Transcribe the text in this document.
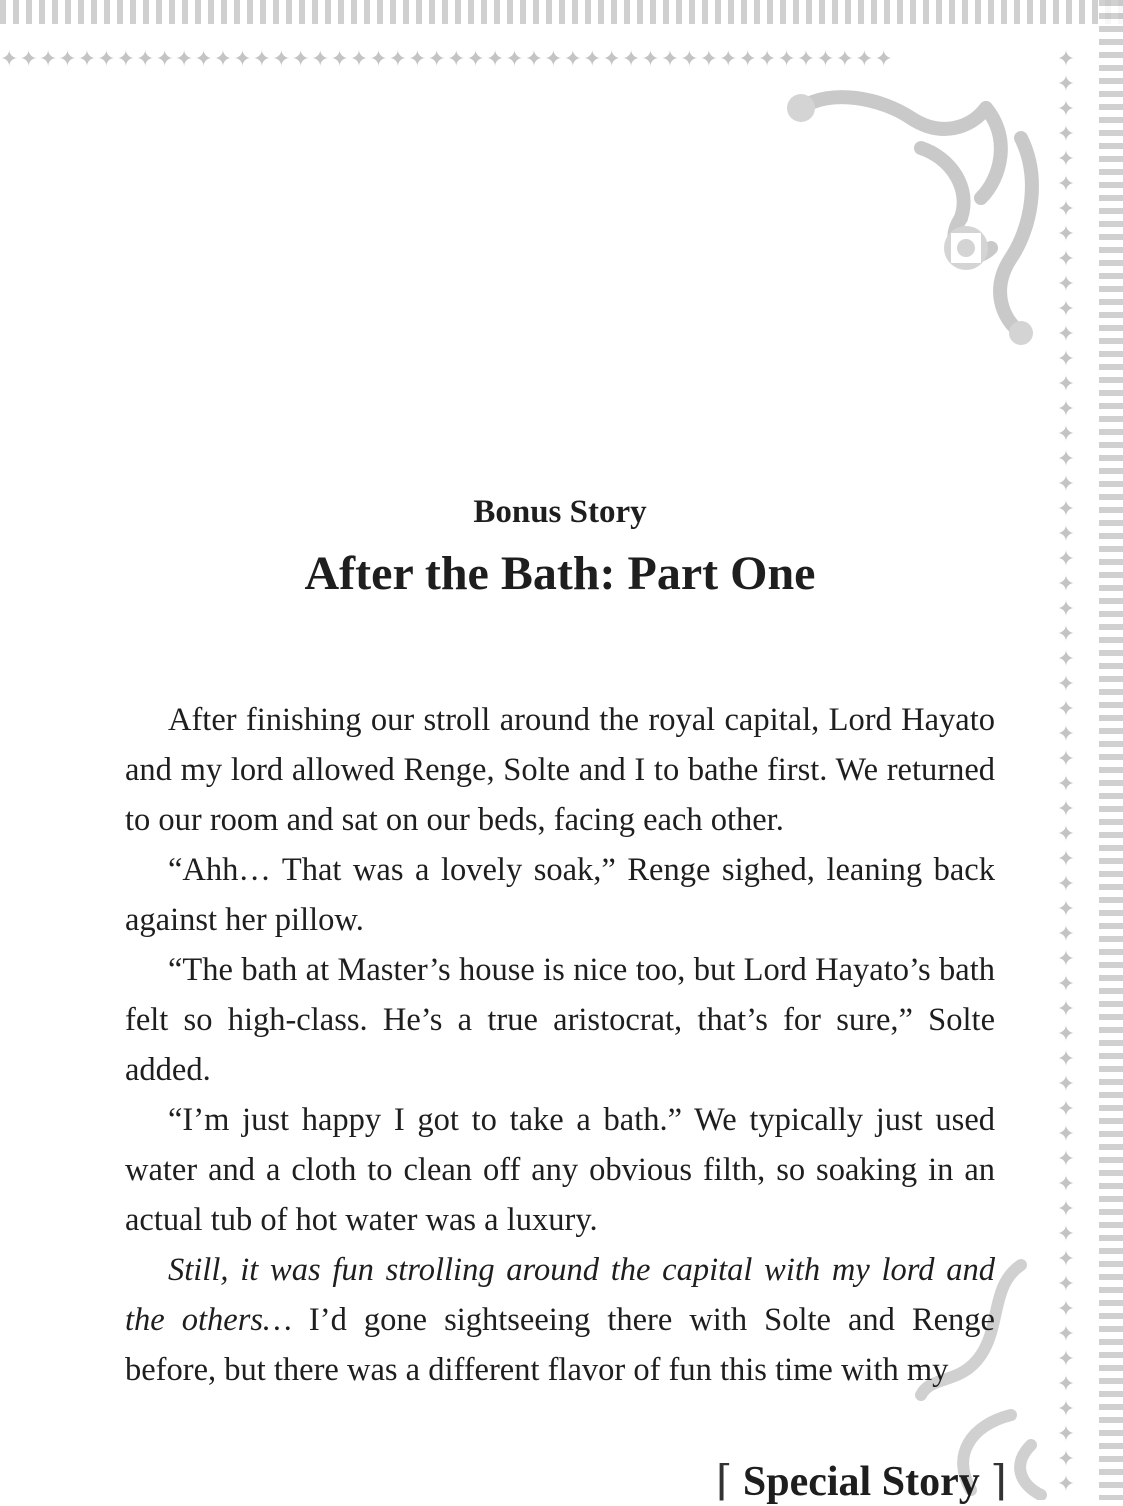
✦✦✦✦✦✦✦✦✦✦✦✦✦✦✦✦✦✦✦✦✦✦✦✦✦✦✦✦✦✦✦✦✦✦✦✦✦✦✦✦✦✦✦✦✦✦	✦
✦
✦
✦
✦
✦
✦
✦
✦
✦
✦
✦
✦
✦
✦
✦
✦
✦
✦
✦
✦
✦
✦
✦
✦
✦
✦
✦
✦
✦
✦
✦
✦
✦
✦
✦
✦
✦
✦
✦
✦
✦
✦
✦
✦
✦
✦
✦
✦
✦
✦
✦
✦
✦
✦
✦
✦
✦
Bonus Story
After the Bath: Part One

After finishing our stroll around the royal capital, Lord Hayato and my lord allowed Renge, Solte and I to bathe first. We returned to our room and sat on our beds, facing each other.

“Ahh… That was a lovely soak,” Renge sighed, leaning back against her pillow.

“The bath at Master’s house is nice too, but Lord Hayato’s bath felt so high-class. He’s a true aristocrat, that’s for sure,” Solte added.

“I’m just happy I got to take a bath.” We typically just used water and a cloth to clean off any obvious filth, so soaking in an actual tub of hot water was a luxury.

Still, it was fun strolling around the capital with my lord and the others… I’d gone sightseeing there with Solte and Renge before, but there was a different flavor of fun this time with my

⌈ Special Story ⌉
